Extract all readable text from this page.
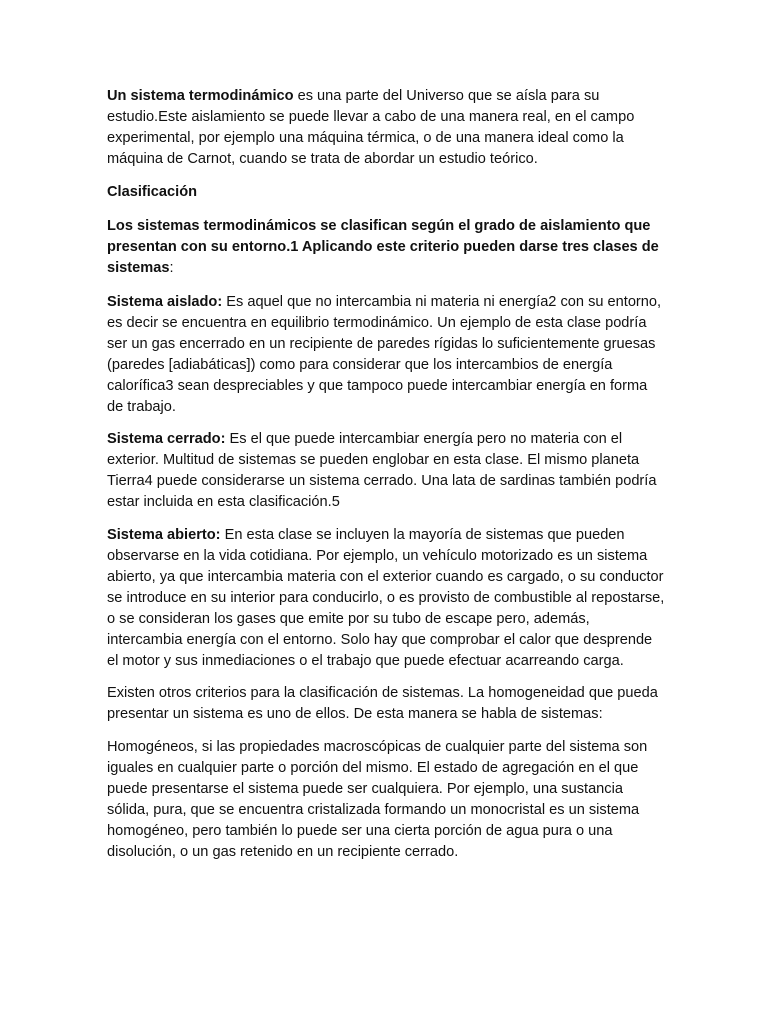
Un sistema termodinámico es una parte del Universo que se aísla para su estudio.Este aislamiento se puede llevar a cabo de una manera real, en el campo experimental, por ejemplo una máquina térmica, o de una manera ideal como la máquina de Carnot, cuando se trata de abordar un estudio teórico.

Clasificación

Los sistemas termodinámicos se clasifican según el grado de aislamiento que presentan con su entorno.1 Aplicando este criterio pueden darse tres clases de sistemas:

Sistema aislado: Es aquel que no intercambia ni materia ni energía2 con su entorno, es decir se encuentra en equilibrio termodinámico. Un ejemplo de esta clase podría ser un gas encerrado en un recipiente de paredes rígidas lo suficientemente gruesas (paredes [adiabáticas]) como para considerar que los intercambios de energía calorífica3 sean despreciables y que tampoco puede intercambiar energía en forma de trabajo.

Sistema cerrado: Es el que puede intercambiar energía pero no materia con el exterior. Multitud de sistemas se pueden englobar en esta clase. El mismo planeta Tierra4 puede considerarse un sistema cerrado. Una lata de sardinas también podría estar incluida en esta clasificación.5

Sistema abierto: En esta clase se incluyen la mayoría de sistemas que pueden observarse en la vida cotidiana. Por ejemplo, un vehículo motorizado es un sistema abierto, ya que intercambia materia con el exterior cuando es cargado, o su conductor se introduce en su interior para conducirlo, o es provisto de combustible al repostarse, o se consideran los gases que emite por su tubo de escape pero, además, intercambia energía con el entorno. Solo hay que comprobar el calor que desprende el motor y sus inmediaciones o el trabajo que puede efectuar acarreando carga.

Existen otros criterios para la clasificación de sistemas. La homogeneidad que pueda presentar un sistema es uno de ellos. De esta manera se habla de sistemas:

Homogéneos, si las propiedades macroscópicas de cualquier parte del sistema son iguales en cualquier parte o porción del mismo. El estado de agregación en el que puede presentarse el sistema puede ser cualquiera. Por ejemplo, una sustancia sólida, pura, que se encuentra cristalizada formando un monocristal es un sistema homogéneo, pero también lo puede ser una cierta porción de agua pura o una disolución, o un gas retenido en un recipiente cerrado.
